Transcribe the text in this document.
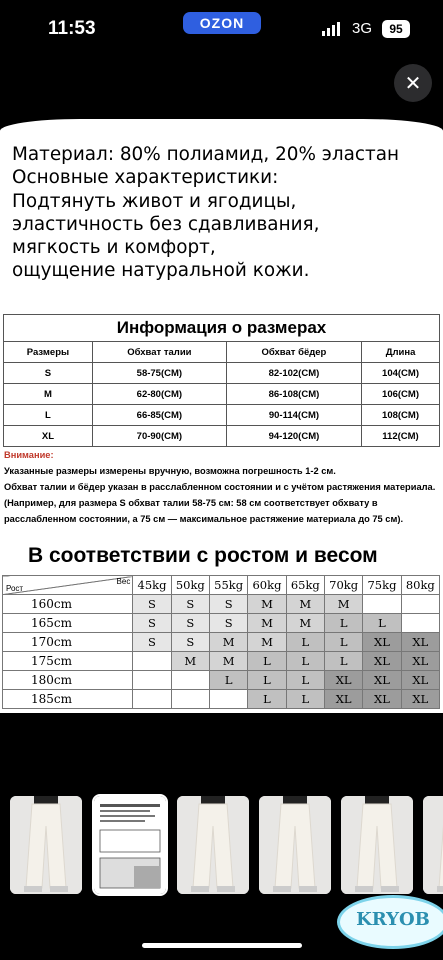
11:53	OZON	3G	95
✕
Материал: 80% полиамид, 20% эластан
Основные характеристики:
Подтянуть живот и ягодицы,
эластичность без сдавливания,
мягкость и комфорт,
ощущение натуральной кожи.
Информация о размерах			
Размеры	Обхват талии	Обхват бёдер	Длина
S	58-75(CM)	82-102(CM)	104(CM)
M	62-80(CM)	86-108(CM)	106(CM)
L	66-85(CM)	90-114(CM)	108(CM)
XL	70-90(CM)	94-120(CM)	112(CM)
Внимание:
Указанные размеры измерены вручную, возможна погрешность 1-2 см.
Обхват талии и бёдер указан в расслабленном состоянии и с учётом растяжения материала.
(Например, для размера S обхват талии 58-75 см: 58 см соответствует обхвату в расслабленном состоянии, а 75 см — максимальное растяжение материала до 75 см).
В соответствии с ростом и весом
Рост
Вес	45kg	50kg	55kg	60kg	65kg	70kg	75kg	80kg
160cm	S	S	S	M	M	M		
165cm	S	S	S	M	M	L	L	
170cm	S	S	M	M	L	L	XL	XL
175cm		M	M	L	L	L	XL	XL
180cm			L	L	L	XL	XL	XL
185cm				L	L	XL	XL	XL
KRYOB
